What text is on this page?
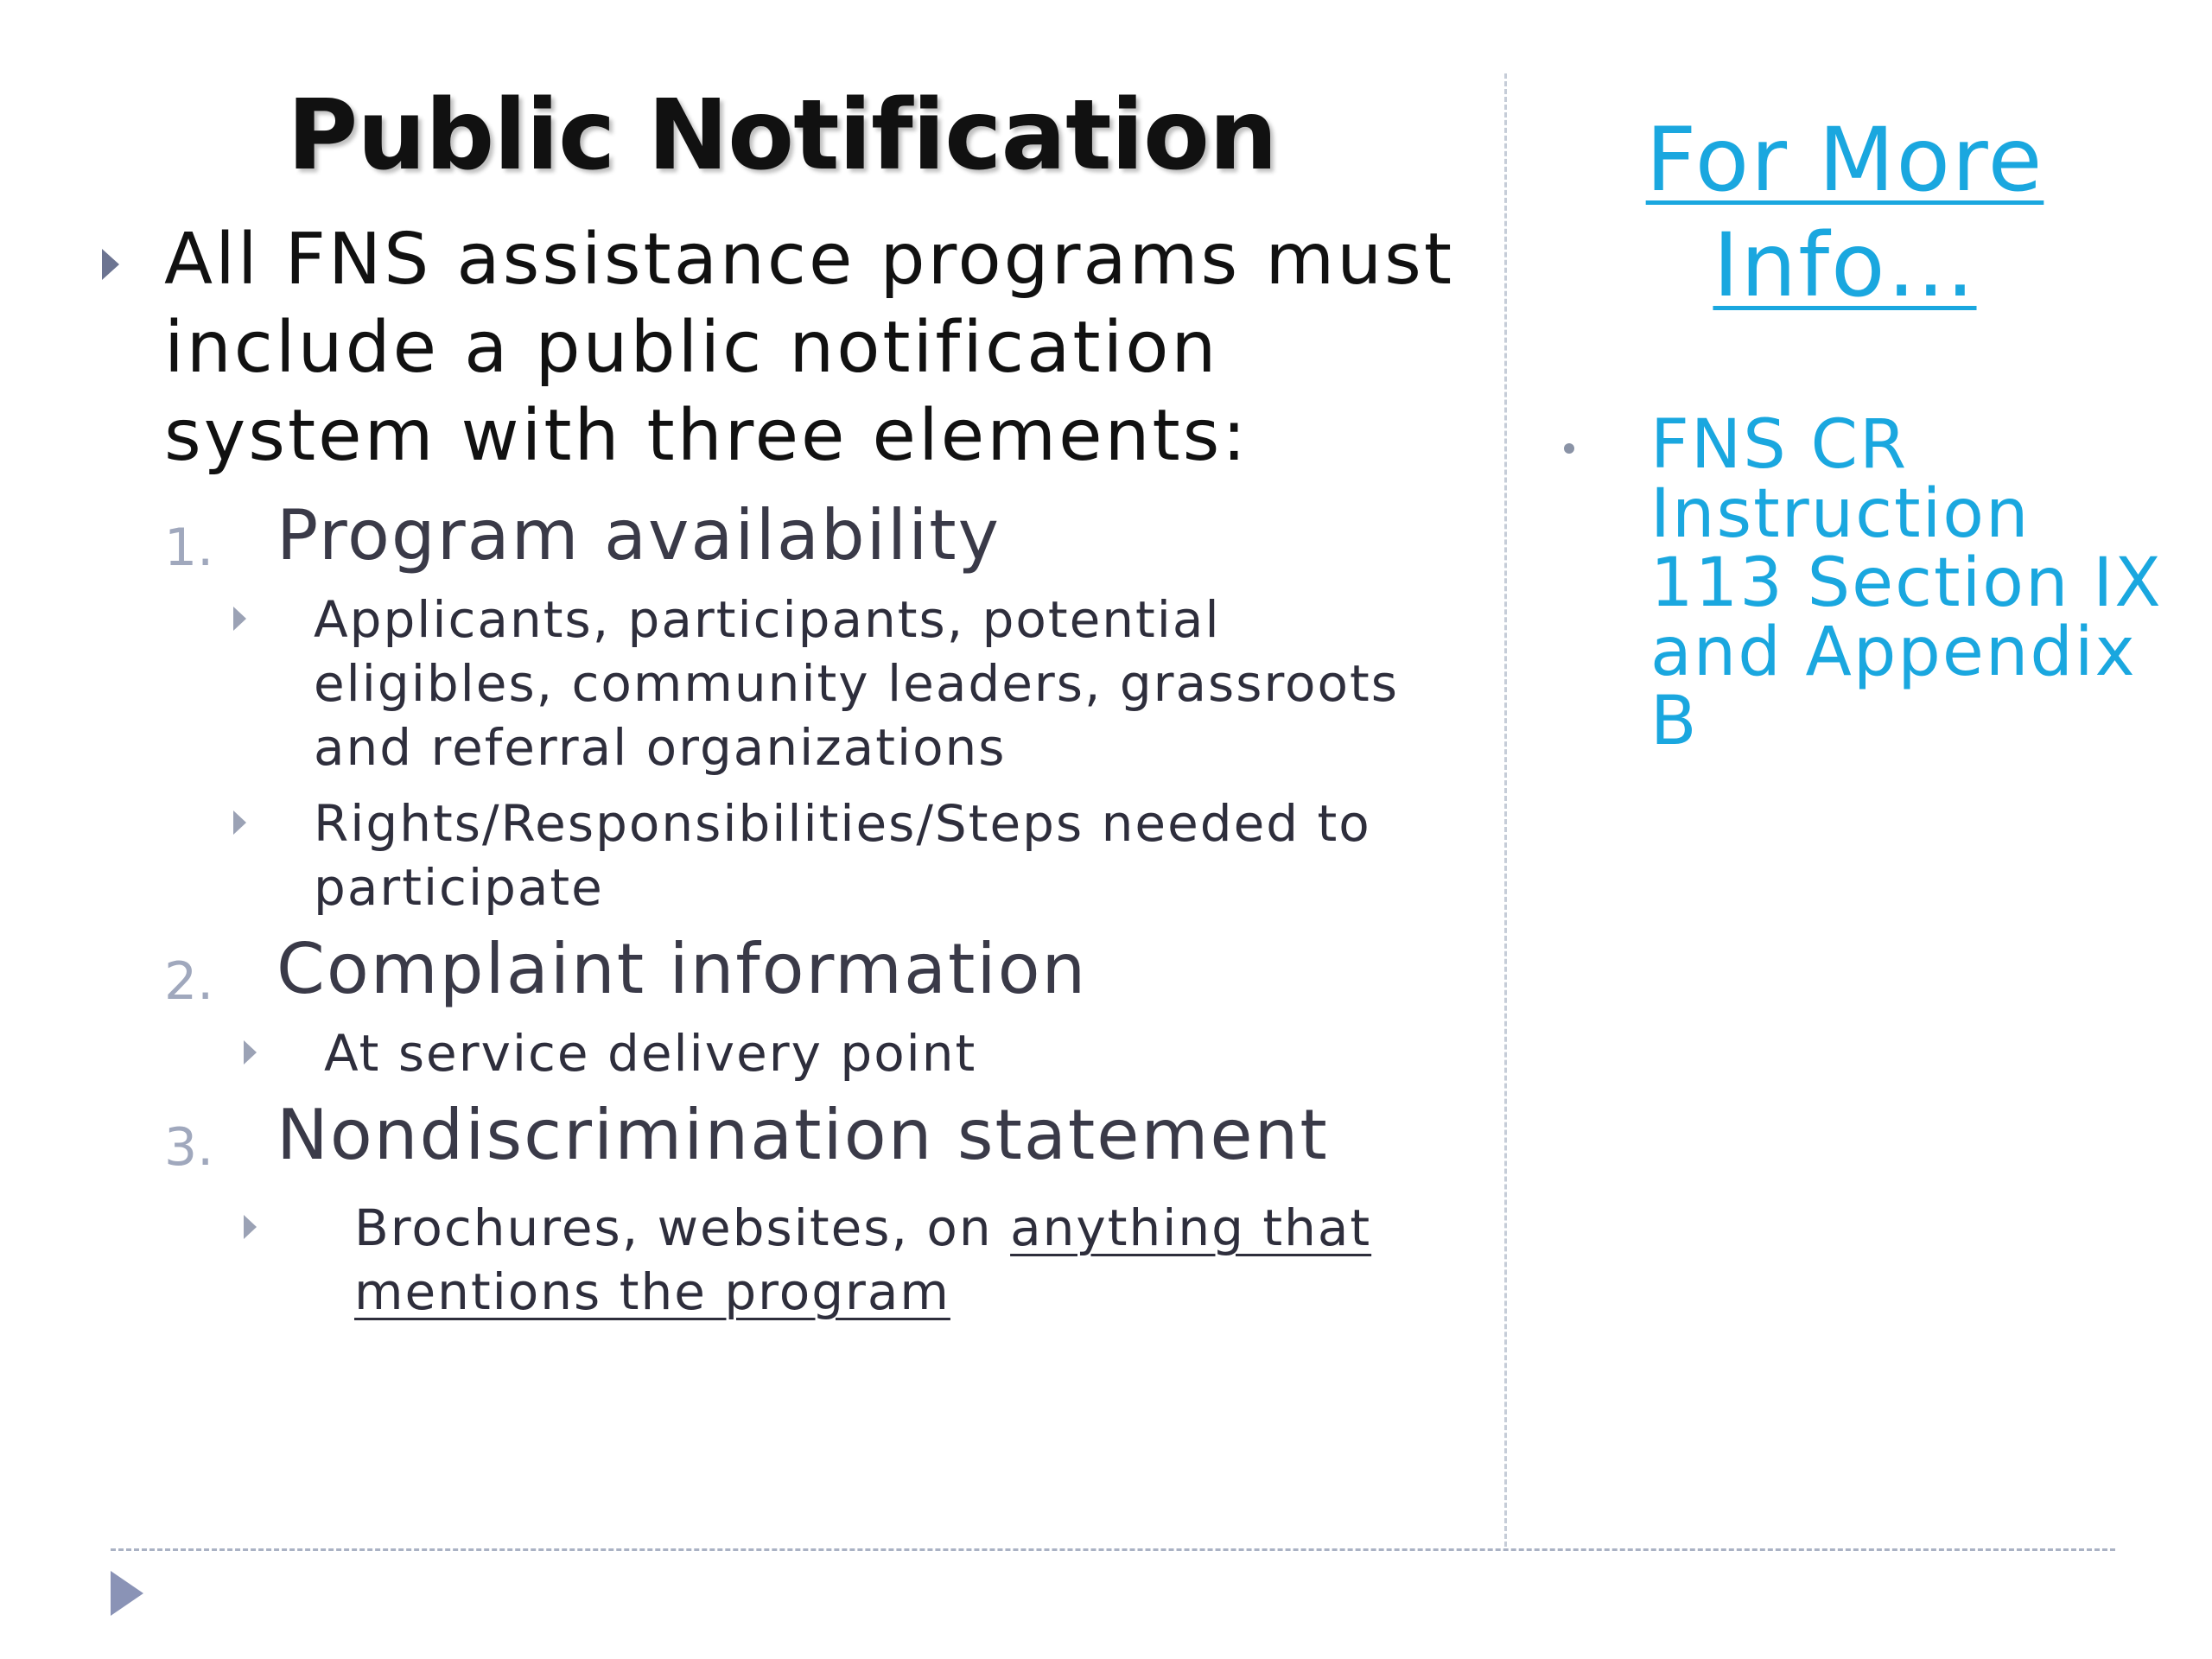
Public Notification
All FNS assistance programs must include a public notification system with three elements:
1. Program availability
Applicants, participants, potential eligibles, community leaders, grassroots and referral organizations
Rights/Responsibilities/Steps needed to participate
2. Complaint information
At service delivery point
3. Nondiscrimination statement
Brochures, websites, on anything that mentions the program
For More Info…
FNS CR Instruction 113 Section IX and Appendix B
